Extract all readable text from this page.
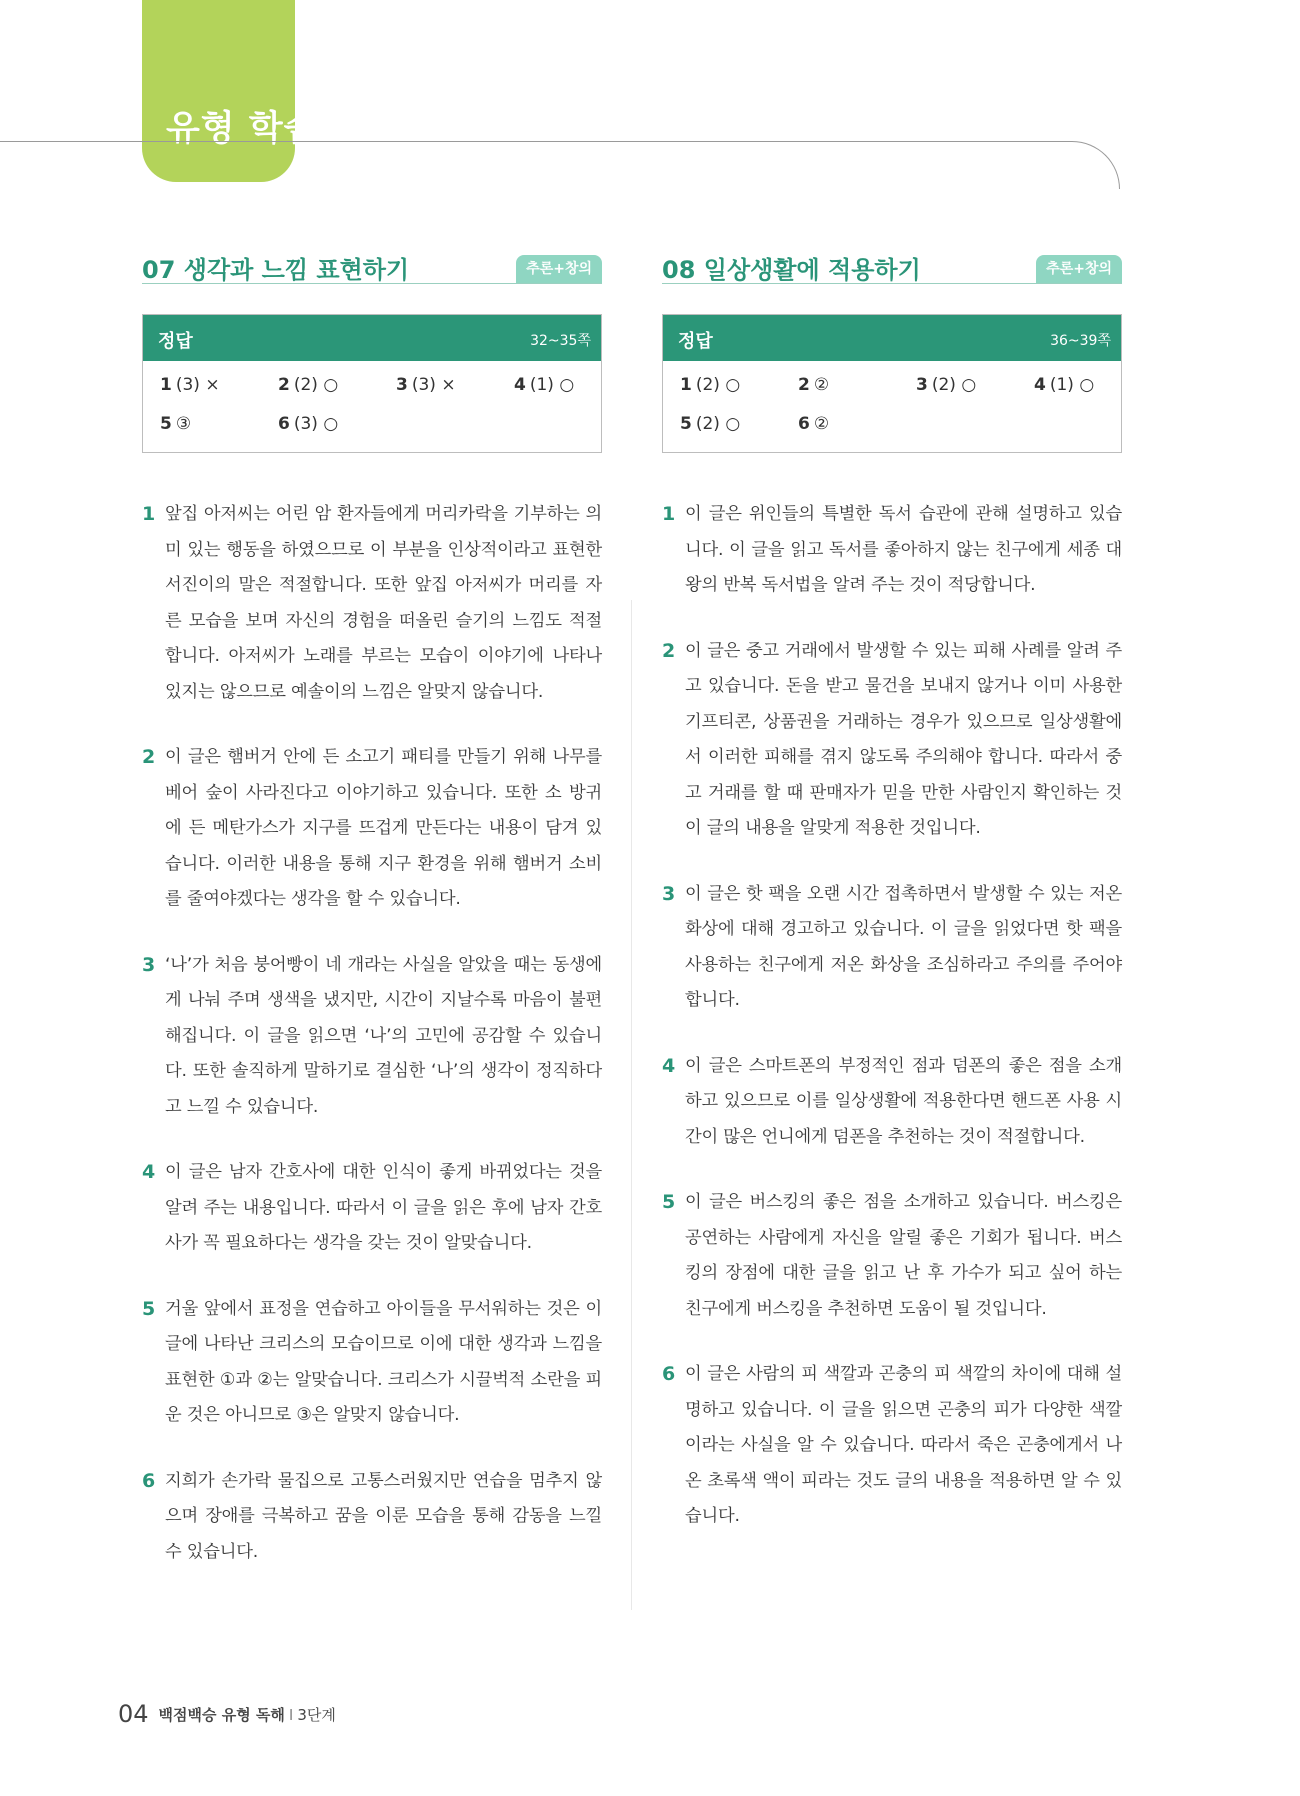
유형 학습
07 생각과 느낌 표현하기	추론+창의
정답	32~35쪽
1 (3) ×	2 (2) ○	3 (3) ×	4 (1) ○
5 ③	6 (3) ○
1 앞집 아저씨는 어린 암 환자들에게 머리카락을 기부하는 의미 있는 행동을 하였으므로 이 부분을 인상적이라고 표현한 서진이의 말은 적절합니다. 또한 앞집 아저씨가 머리를 자른 모습을 보며 자신의 경험을 떠올린 슬기의 느낌도 적절합니다. 아저씨가 노래를 부르는 모습이 이야기에 나타나 있지는 않으므로 예솔이의 느낌은 알맞지 않습니다.
2 이 글은 햄버거 안에 든 소고기 패티를 만들기 위해 나무를 베어 숲이 사라진다고 이야기하고 있습니다. 또한 소 방귀에 든 메탄가스가 지구를 뜨겁게 만든다는 내용이 담겨 있습니다. 이러한 내용을 통해 지구 환경을 위해 햄버거 소비를 줄여야겠다는 생각을 할 수 있습니다.
3 ‘나’가 처음 붕어빵이 네 개라는 사실을 알았을 때는 동생에게 나눠 주며 생색을 냈지만, 시간이 지날수록 마음이 불편해집니다. 이 글을 읽으면 ‘나’의 고민에 공감할 수 있습니다. 또한 솔직하게 말하기로 결심한 ‘나’의 생각이 정직하다고 느낄 수 있습니다.
4 이 글은 남자 간호사에 대한 인식이 좋게 바뀌었다는 것을 알려 주는 내용입니다. 따라서 이 글을 읽은 후에 남자 간호사가 꼭 필요하다는 생각을 갖는 것이 알맞습니다.
5 거울 앞에서 표정을 연습하고 아이들을 무서워하는 것은 이 글에 나타난 크리스의 모습이므로 이에 대한 생각과 느낌을 표현한 ①과 ②는 알맞습니다. 크리스가 시끌벅적 소란을 피운 것은 아니므로 ③은 알맞지 않습니다.
6 지희가 손가락 물집으로 고통스러웠지만 연습을 멈추지 않으며 장애를 극복하고 꿈을 이룬 모습을 통해 감동을 느낄 수 있습니다.
08 일상생활에 적용하기	추론+창의
정답	36~39쪽
1 (2) ○	2 ②	3 (2) ○	4 (1) ○
5 (2) ○	6 ②
1 이 글은 위인들의 특별한 독서 습관에 관해 설명하고 있습니다. 이 글을 읽고 독서를 좋아하지 않는 친구에게 세종 대왕의 반복 독서법을 알려 주는 것이 적당합니다.
2 이 글은 중고 거래에서 발생할 수 있는 피해 사례를 알려 주고 있습니다. 돈을 받고 물건을 보내지 않거나 이미 사용한 기프티콘, 상품권을 거래하는 경우가 있으므로 일상생활에서 이러한 피해를 겪지 않도록 주의해야 합니다. 따라서 중고 거래를 할 때 판매자가 믿을 만한 사람인지 확인하는 것이 글의 내용을 알맞게 적용한 것입니다.
3 이 글은 핫 팩을 오랜 시간 접촉하면서 발생할 수 있는 저온 화상에 대해 경고하고 있습니다. 이 글을 읽었다면 핫 팩을 사용하는 친구에게 저온 화상을 조심하라고 주의를 주어야 합니다.
4 이 글은 스마트폰의 부정적인 점과 덤폰의 좋은 점을 소개하고 있으므로 이를 일상생활에 적용한다면 핸드폰 사용 시간이 많은 언니에게 덤폰을 추천하는 것이 적절합니다.
5 이 글은 버스킹의 좋은 점을 소개하고 있습니다. 버스킹은 공연하는 사람에게 자신을 알릴 좋은 기회가 됩니다. 버스킹의 장점에 대한 글을 읽고 난 후 가수가 되고 싶어 하는 친구에게 버스킹을 추천하면 도움이 될 것입니다.
6 이 글은 사람의 피 색깔과 곤충의 피 색깔의 차이에 대해 설명하고 있습니다. 이 글을 읽으면 곤충의 피가 다양한 색깔이라는 사실을 알 수 있습니다. 따라서 죽은 곤충에게서 나온 초록색 액이 피라는 것도 글의 내용을 적용하면 알 수 있습니다.
04 백점백승 유형 독해 I 3단계
